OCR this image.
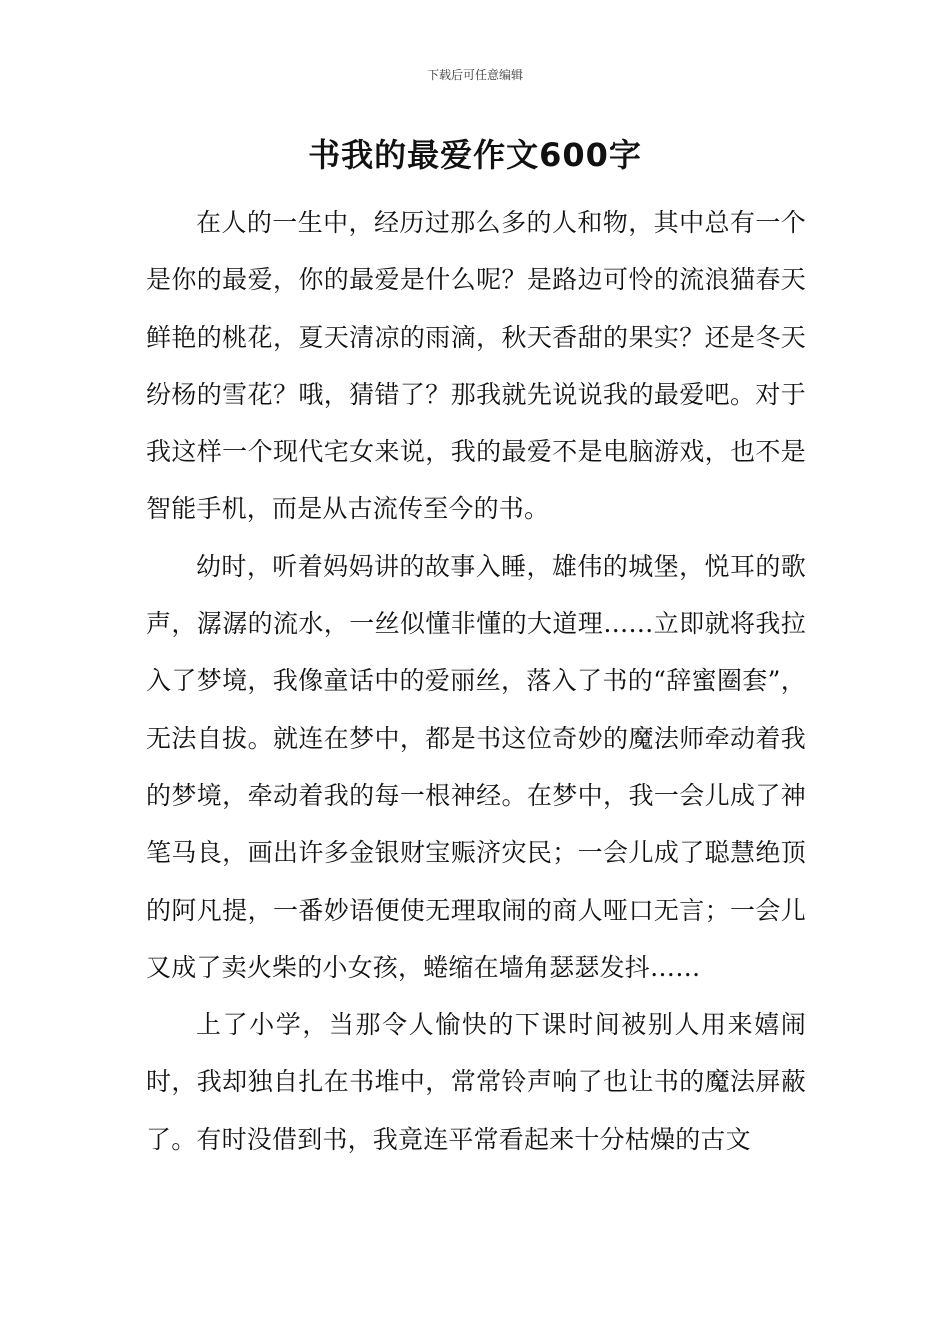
下载后可任意编辑
书我的最爱作文600字

在人的一生中，经历过那么多的人和物，其中总有一个是你的最爱，你的最爱是什么呢？是路边可怜的流浪猫春天鲜艳的桃花，夏天清凉的雨滴，秋天香甜的果实？还是冬天纷杨的雪花？哦，猜错了？那我就先说说我的最爱吧。对于我这样一个现代宅女来说，我的最爱不是电脑游戏，也不是智能手机，而是从古流传至今的书。

幼时，听着妈妈讲的故事入睡，雄伟的城堡，悦耳的歌声，潺潺的流水，一丝似懂非懂的大道理……立即就将我拉入了梦境，我像童话中的爱丽丝，落入了书的“辞蜜圈套”，无法自拔。就连在梦中，都是书这位奇妙的魔法师牵动着我的梦境，牵动着我的每一根神经。在梦中，我一会儿成了神笔马良，画出许多金银财宝赈济灾民；一会儿成了聪慧绝顶的阿凡提，一番妙语便使无理取闹的商人哑口无言；一会儿又成了卖火柴的小女孩，蜷缩在墙角瑟瑟发抖……

上了小学，当那令人愉快的下课时间被别人用来嬉闹时，我却独自扎在书堆中，常常铃声响了也让书的魔法屏蔽了。有时没借到书，我竟连平常看起来十分枯燥的古文
